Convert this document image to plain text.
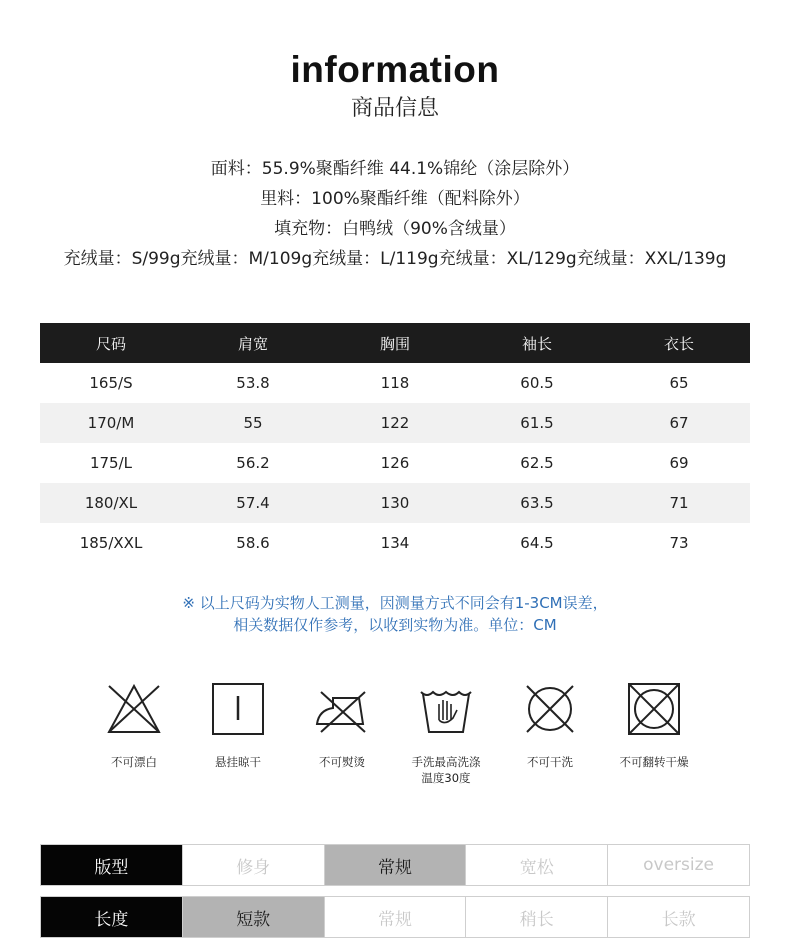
information
商品信息
面料：55.9%聚酯纤维 44.1%锦纶（涂层除外）
里料：100%聚酯纤维（配料除外）
填充物：白鸭绒（90%含绒量）
充绒量：S/99g充绒量：M/109g充绒量：L/119g充绒量：XL/129g充绒量：XXL/139g
尺码	肩宽	胸围	袖长	衣长
165/S	53.8	118	60.5	65
170/M	55	122	61.5	67
175/L	56.2	126	62.5	69
180/XL	57.4	130	63.5	71
185/XXL	58.6	134	64.5	73
※ 以上尺码为实物人工测量，因测量方式不同会有1-3CM误差，
相关数据仅作参考，以收到实物为准。单位：CM
不可漂白	悬挂晾干	不可熨烫	手洗最高洗涤温度30度
不可干洗	不可翻转干燥
版型	修身	常规	宽松	oversize
长度	短款	常规	稍长	长款
